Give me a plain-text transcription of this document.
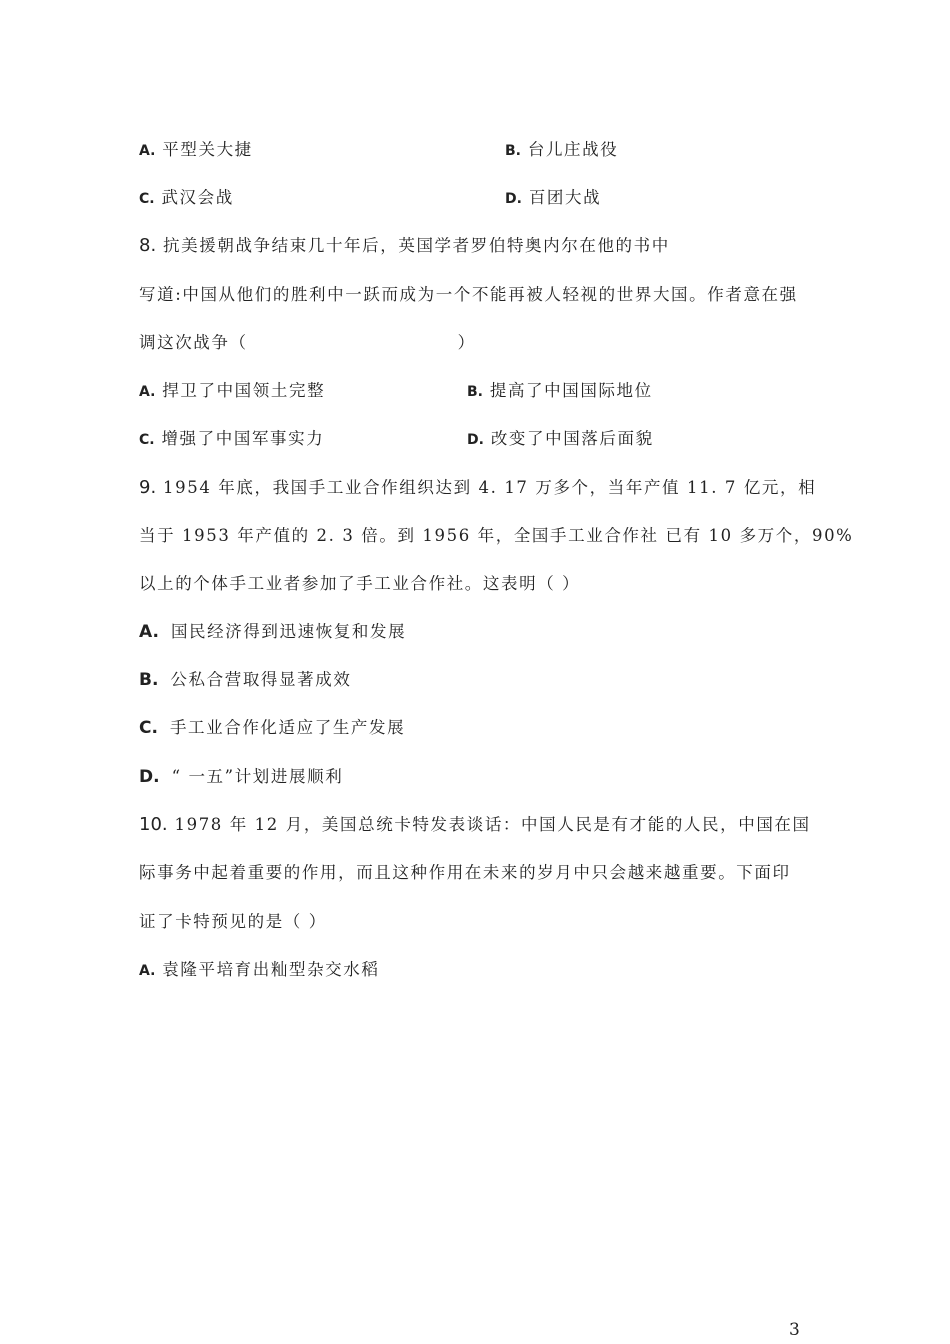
A. 平型关大捷	B. 台儿庄战役
C. 武汉会战	D. 百团大战
8. 抗美援朝战争结束几十年后，英国学者罗伯特奥内尔在他的书中
写道:中国从他们的胜利中一跃而成为一个不能再被人轻视的世界大国。作者意在强
调这次战争（	）
A. 捍卫了中国领土完整	B. 提高了中国国际地位
C. 增强了中国军事实力	D. 改变了中国落后面貌
9. 1954 年底，我国手工业合作组织达到 4. 17 万多个，当年产值 11. 7 亿元，相
当于 1953 年产值的 2. 3 倍。到 1956 年，全国手工业合作社 已有 10 多万个，90%
以上的个体手工业者参加了手工业合作社。这表明（ ）
A. 国民经济得到迅速恢复和发展
B. 公私合营取得显著成效
C. 手工业合作化适应了生产发展
D. “ 一五”计划进展顺利
10. 1978 年 12 月，美国总统卡特发表谈话：中国人民是有才能的人民，中国在国
际事务中起着重要的作用，而且这种作用在未来的岁月中只会越来越重要。下面印
证了卡特预见的是（ ）
A. 袁隆平培育出籼型杂交水稻
3
